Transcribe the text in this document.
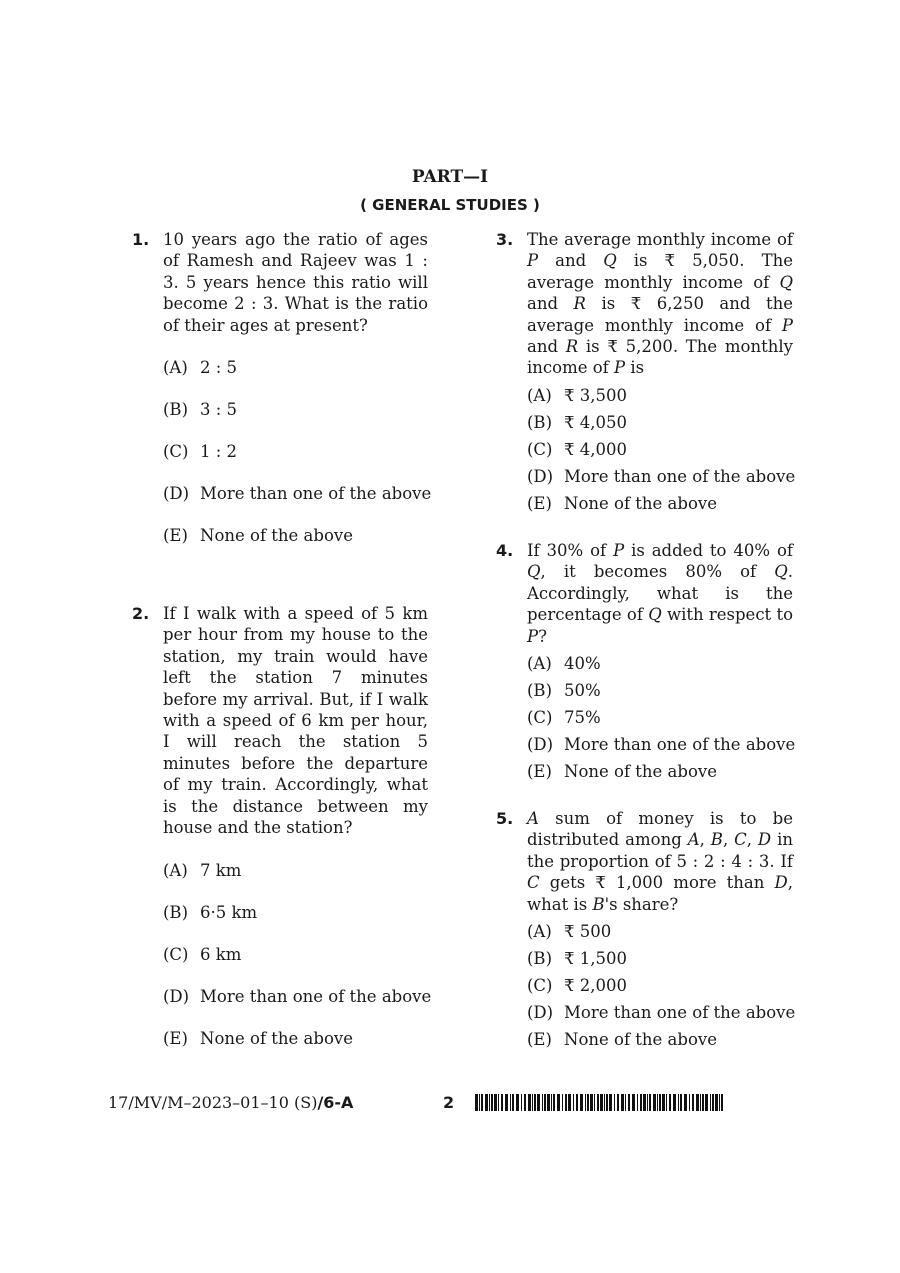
PART—I
( GENERAL STUDIES )
1. 10 years ago the ratio of ages of Ramesh and Rajeev was 1 : 3. 5 years hence this ratio will become 2 : 3. What is the ratio of their ages at present?
(A) 2 : 5
(B) 3 : 5
(C) 1 : 2
(D) More than one of the above
(E) None of the above
2. If I walk with a speed of 5 km per hour from my house to the station, my train would have left the station 7 minutes before my arrival. But, if I walk with a speed of 6 km per hour, I will reach the station 5 minutes before the departure of my train. Accordingly, what is the distance between my house and the station?
(A) 7 km
(B) 6·5 km
(C) 6 km
(D) More than one of the above
(E) None of the above
3. The average monthly income of P and Q is ₹ 5,050. The average monthly income of Q and R is ₹ 6,250 and the average monthly income of P and R is ₹ 5,200. The monthly income of P is
(A) ₹ 3,500
(B) ₹ 4,050
(C) ₹ 4,000
(D) More than one of the above
(E) None of the above
4. If 30% of P is added to 40% of Q, it becomes 80% of Q. Accordingly, what is the percentage of Q with respect to P?
(A) 40%
(B) 50%
(C) 75%
(D) More than one of the above
(E) None of the above
5. A sum of money is to be distributed among A, B, C, D in the proportion of 5 : 2 : 4 : 3. If C gets ₹ 1,000 more than D, what is B's share?
(A) ₹ 500
(B) ₹ 1,500
(C) ₹ 2,000
(D) More than one of the above
(E) None of the above
17/MV/M–2023–01–10 (S)/6-A	2
